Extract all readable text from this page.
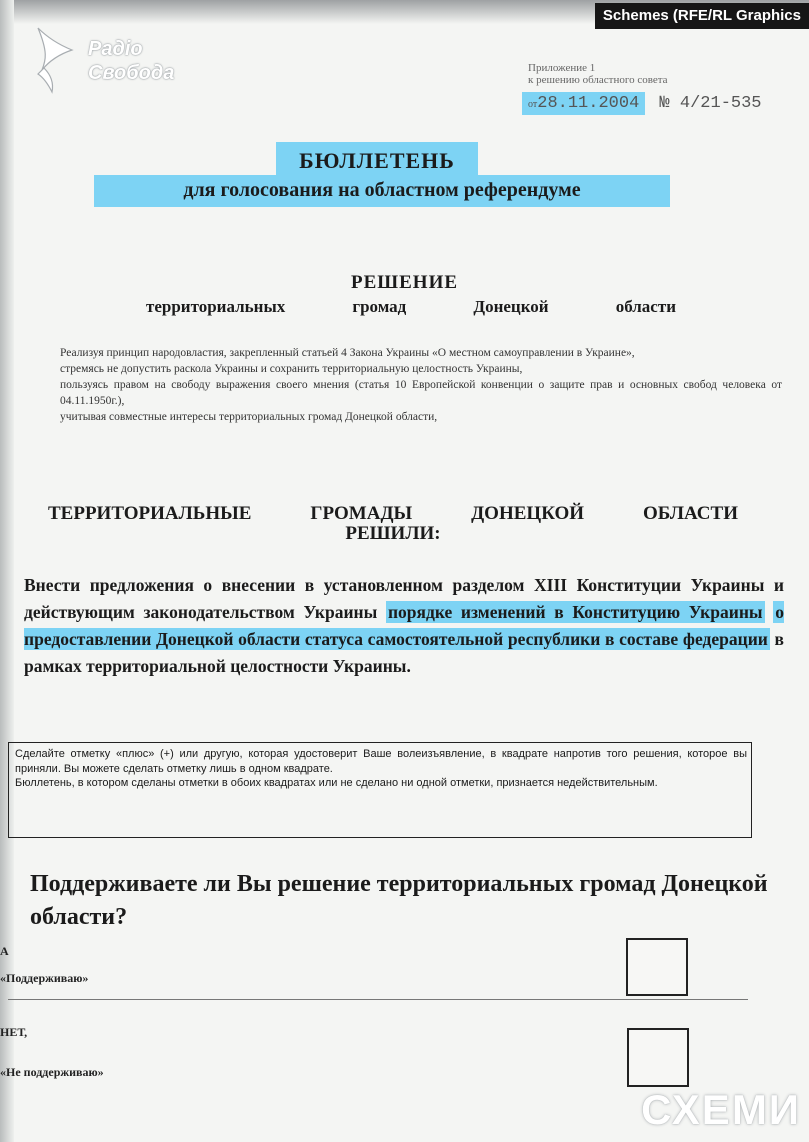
Радіо
Свобода
Schemes (RFE/RL Graphics
Приложение 1
к решению областного совета
от28.11.2004 № 4/21-535
БЮЛЛЕТЕНЬ
для голосования на областном референдуме
РЕШЕНИЕ
территориальных	громад	Донецкой	области

Реализуя принцип народовластия, закрепленный статьей 4 Закона Украины «О местном самоуправлении в Украине»,

стремясь не допустить раскола Украины и сохранить территориальную целостность Украины,

пользуясь правом на свободу выражения своего мнения (статья 10 Европейской конвенции о защите прав и основных свобод человека от 04.11.1950г.),

учитывая совместные интересы территориальных громад Донецкой области,

ТЕРРИТОРИАЛЬНЫЕ	ГРОМАДЫ	ДОНЕЦКОЙ	ОБЛАСТИ
РЕШИЛИ:
Внести предложения о внесении в установленном разделом XIII Конституции Украины и действующим законодательством Украины порядке изменений в Конституцию Украины о предоставлении Донецкой области статуса самостоятельной республики в составе федерации в рамках территориальной целостности Украины.

Сделайте отметку «плюс» (+) или другую, которая удостоверит Ваше волеизъявление, в квадрате напротив того решения, которое вы приняли. Вы можете сделать отметку лишь в одном квадрате.

Бюллетень, в котором сделаны отметки в обоих квадратах или не сделано ни одной отметки, признается недействительным.

Поддерживаете ли Вы решение территориальных громад Донецкой области?
А
«Поддерживаю»
НЕТ,
«Не поддерживаю»
СХЕМИ
